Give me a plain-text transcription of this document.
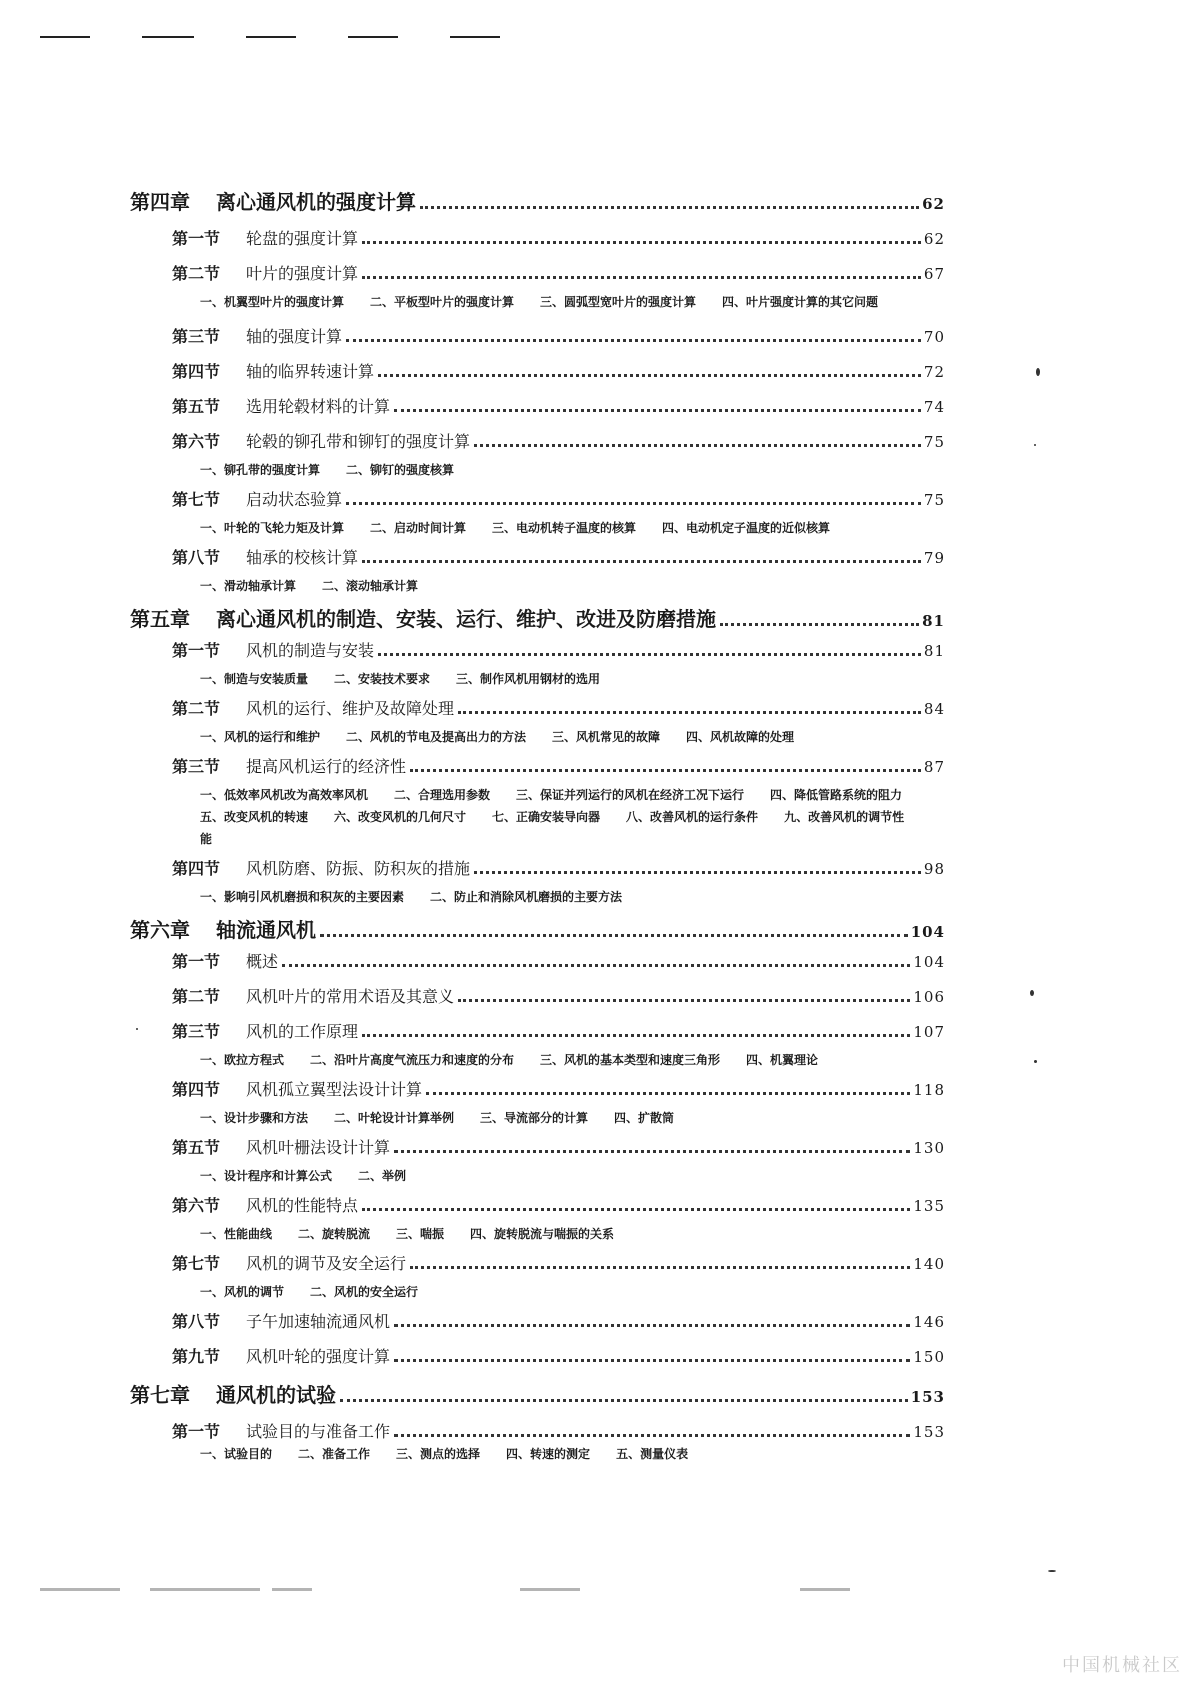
第四章 离心通风机的强度计算	62
第一节 轮盘的强度计算	62
第二节 叶片的强度计算	67
一、机翼型叶片的强度计算 二、平板型叶片的强度计算 三、圆弧型宽叶片的强度计算 四、叶片强度计算的其它问题
第三节 轴的强度计算	70
第四节 轴的临界转速计算	72
第五节 选用轮毂材料的计算	74
第六节 轮毂的铆孔带和铆钉的强度计算	75
一、铆孔带的强度计算 二、铆钉的强度核算
第七节 启动状态验算	75
一、叶轮的飞轮力矩及计算 二、启动时间计算 三、电动机转子温度的核算 四、电动机定子温度的近似核算
第八节 轴承的校核计算	79
一、滑动轴承计算 二、滚动轴承计算
第五章 离心通风机的制造、安装、运行、维护、改进及防磨措施	81
第一节 风机的制造与安装	81
一、制造与安装质量 二、安装技术要求 三、制作风机用钢材的选用
第二节 风机的运行、维护及故障处理	84
一、风机的运行和维护 二、风机的节电及提高出力的方法 三、风机常见的故障 四、风机故障的处理
第三节 提高风机运行的经济性	87
一、低效率风机改为高效率风机 二、合理选用参数 三、保证并列运行的风机在经济工况下运行 四、降低管路系统的阻力五、改变风机的转速 六、改变风机的几何尺寸 七、正确安装导向器 八、改善风机的运行条件 九、改善风机的调节性能
第四节 风机防磨、防振、防积灰的措施	98
一、影响引风机磨损和积灰的主要因素 二、防止和消除风机磨损的主要方法
第六章 轴流通风机	104
第一节 概述	104
第二节 风机叶片的常用术语及其意义	106
第三节 风机的工作原理	107
一、欧拉方程式 二、沿叶片高度气流压力和速度的分布 三、风机的基本类型和速度三角形 四、机翼理论
第四节 风机孤立翼型法设计计算	118
一、设计步骤和方法 二、叶轮设计计算举例 三、导流部分的计算 四、扩散筒
第五节 风机叶栅法设计计算	130
一、设计程序和计算公式 二、举例
第六节 风机的性能特点	135
一、性能曲线 二、旋转脱流 三、喘振 四、旋转脱流与喘振的关系
第七节 风机的调节及安全运行	140
一、风机的调节 二、风机的安全运行
第八节 子午加速轴流通风机	146
第九节 风机叶轮的强度计算	150
第七章 通风机的试验	153
第一节 试验目的与准备工作	153
一、试验目的 二、准备工作 三、测点的选择 四、转速的测定 五、测量仪表
中国机械社区
